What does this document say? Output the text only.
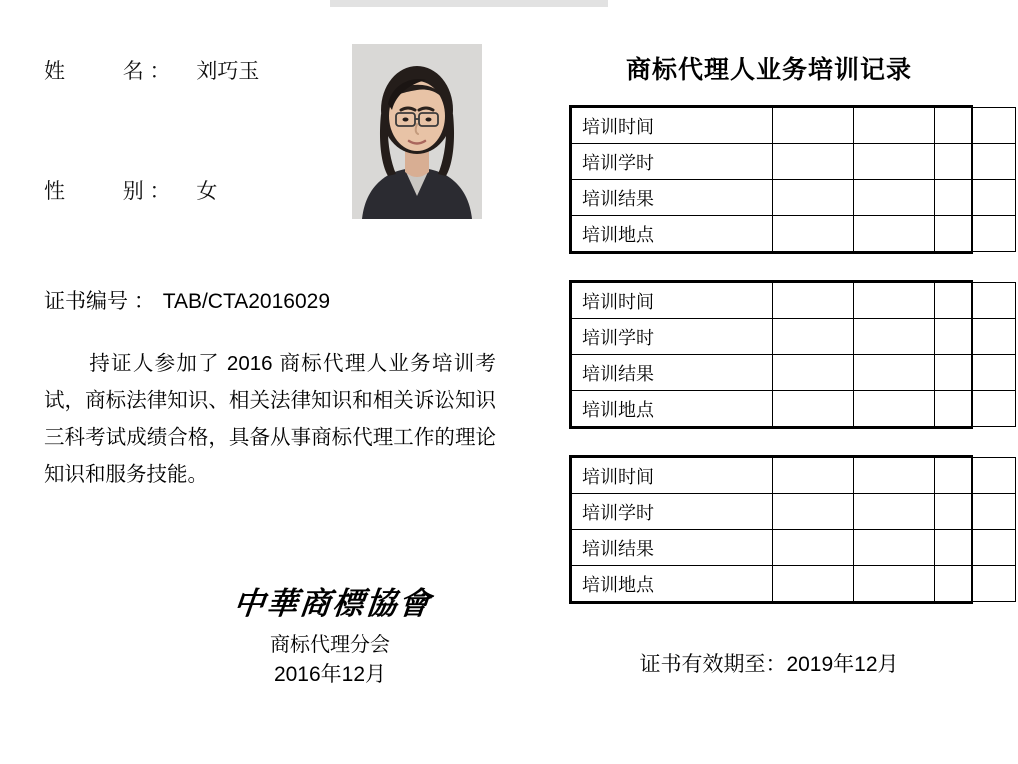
姓	名 ： 刘巧玉
性	别 ： 女
证书编号 ： TAB/CTA2016029
持证人参加了 2016 商标代理人业务培训考试，商标法律知识、相关法律知识和相关诉讼知识三科考试成绩合格，具备从事商标代理工作的理论知识和服务技能。
中華商標協會
商标代理分会
2016年12月
商标代理人业务培训记录
培训时间			
培训学时			
培训结果			
培训地点			
培训时间			
培训学时			
培训结果			
培训地点			
培训时间			
培训学时			
培训结果			
培训地点			
证书有效期至：2019年12月
